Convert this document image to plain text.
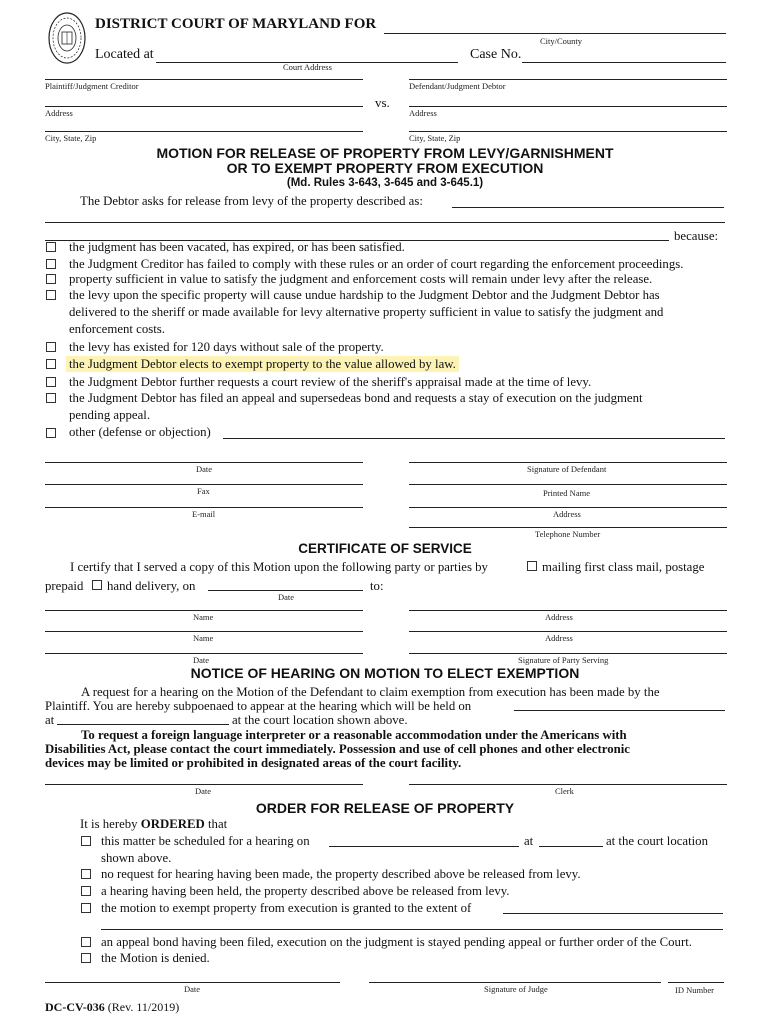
DISTRICT COURT OF MARYLAND FOR
City/County
Located at
Court Address
Case No.
Plaintiff/Judgment Creditor
Address
City, State, Zip
vs.
Defendant/Judgment Debtor
Address
City, State, Zip
MOTION FOR RELEASE OF PROPERTY FROM LEVY/GARNISHMENT
OR TO EXEMPT PROPERTY FROM EXECUTION
(Md. Rules 3-643, 3-645 and 3-645.1)
The Debtor asks for release from levy of the property described as:
because:
the judgment has been vacated, has expired, or has been satisfied.
the Judgment Creditor has failed to comply with these rules or an order of court regarding the enforcement proceedings.
property sufficient in value to satisfy the judgment and enforcement costs will remain under levy after the release.
the levy upon the specific property will cause undue hardship to the Judgment Debtor and the Judgment Debtor has
delivered to the sheriff or made available for levy alternative property sufficient in value to satisfy the judgment and
enforcement costs.
the levy has existed for 120 days without sale of the property.
the Judgment Debtor elects to exempt property to the value allowed by law.
the Judgment Debtor further requests a court review of the sheriff's appraisal made at the time of levy.
the Judgment Debtor has filed an appeal and supersedeas bond and requests a stay of execution on the judgment
pending appeal.
other (defense or objection)
Date	Signature of Defendant
Fax	Printed Name
E-mail	Address
Telephone Number
CERTIFICATE OF SERVICE
I certify that I served a copy of this Motion upon the following party or parties by	mailing first class mail, postage
prepaid hand delivery, on
Date
to:
Name	Address
Name	Address
Date	Signature of Party Serving
NOTICE OF HEARING ON MOTION TO ELECT EXEMPTION
A request for a hearing on the Motion of the Defendant to claim exemption from execution has been made by the
Plaintiff. You are hereby subpoenaed to appear at the hearing which will be held on
at	at the court location shown above.
To request a foreign language interpreter or a reasonable accommodation under the Americans with
Disabilities Act, please contact the court immediately. Possession and use of cell phones and other electronic
devices may be limited or prohibited in designated areas of the court facility.
Date	Clerk
ORDER FOR RELEASE OF PROPERTY
It is hereby ORDERED that
this matter be scheduled for a hearing on	at	at the court location
shown above.
no request for hearing having been made, the property described above be released from levy.
a hearing having been held, the property described above be released from levy.
the motion to exempt property from execution is granted to the extent of
an appeal bond having been filed, execution on the judgment is stayed pending appeal or further order of the Court.
the Motion is denied.
Date	Signature of Judge	ID Number
DC-CV-036 (Rev. 11/2019)
